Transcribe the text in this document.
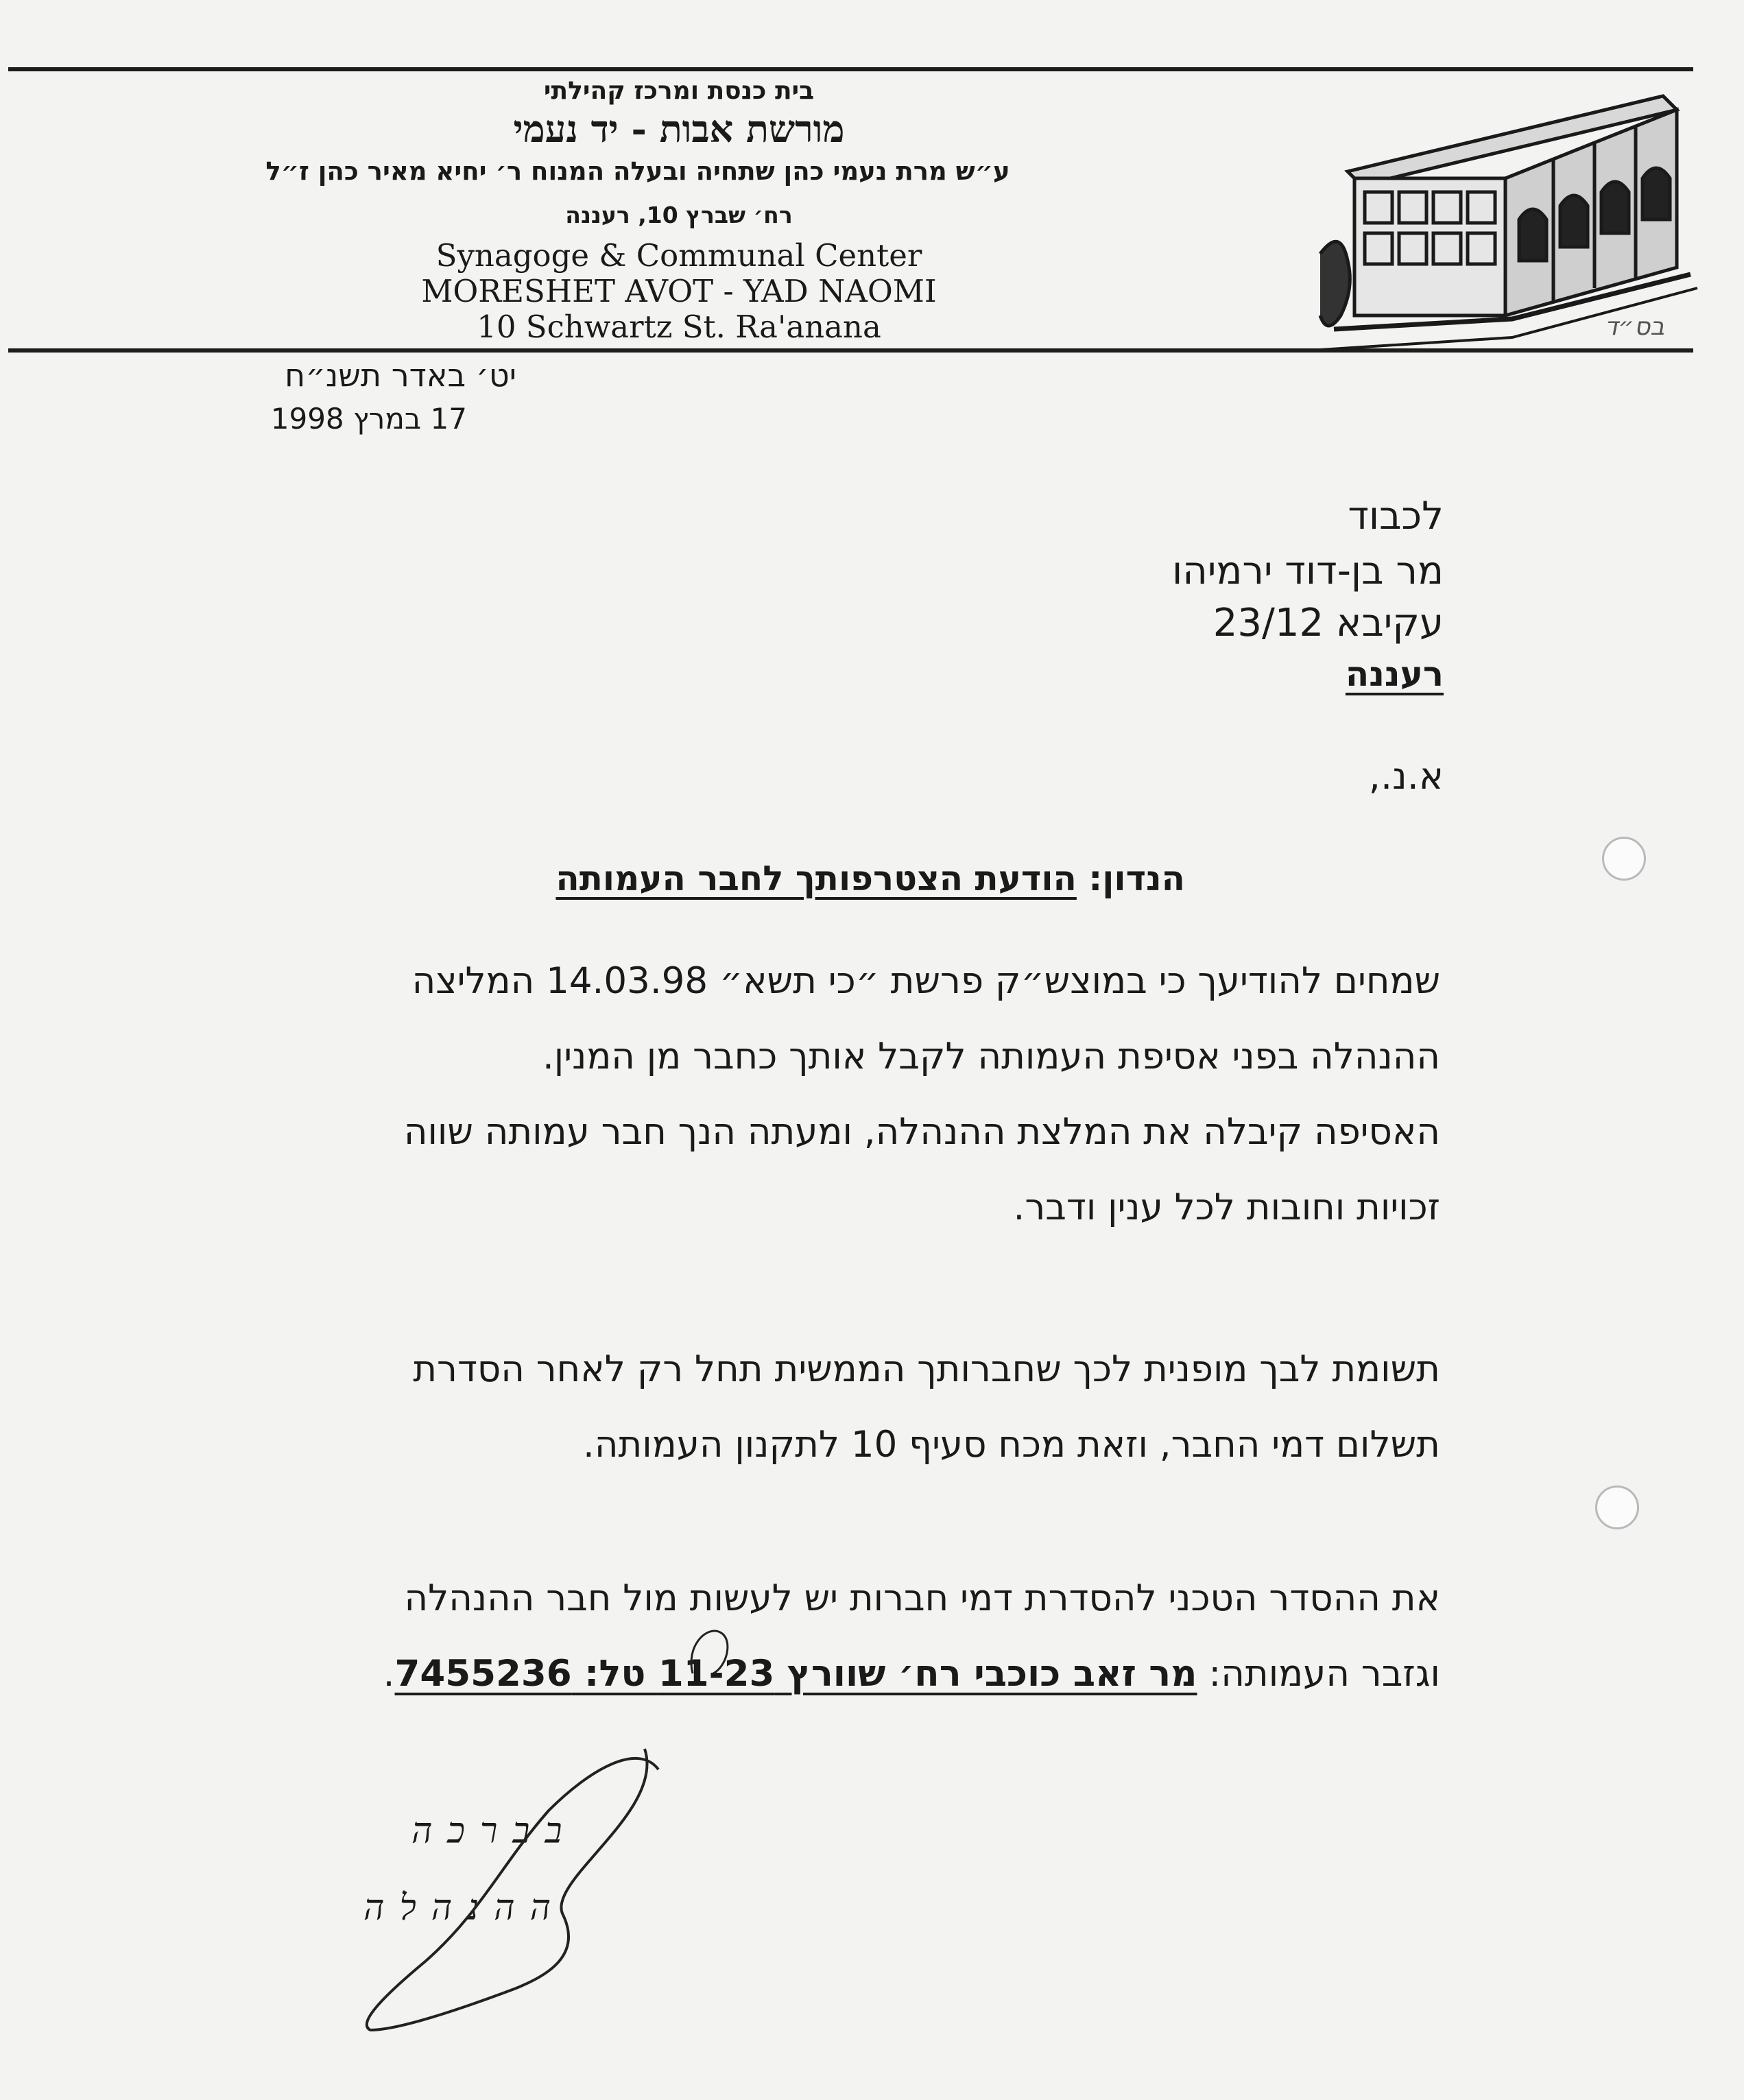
בית כנסת ומרכז קהילתי
מורשת אבות - יד נעמי
ע״ש מרת נעמי כהן שתחיה ובעלה המנוח ר׳ יחיא מאיר כהן ז״ל
רח׳ שברץ 10, רעננה
Synagoge & Communal Center
MORESHET AVOT - YAD NAOMI
10 Schwartz St. Ra'anana	בס״ד
יט׳ באדר תשנ״ח
17 במרץ 1998
לכבוד
מר בן-דוד ירמיהו
עקיבא 23/12
רעננה
א.נ.,
הנדון: הודעת הצטרפותך לחבר העמותה
שמחים להודיעך כי במוצש״ק פרשת ״כי תשא״ 14.03.98 המליצה
ההנהלה בפני אסיפת העמותה לקבל אותך כחבר מן המנין.
האסיפה קיבלה את המלצת ההנהלה, ומעתה הנך חבר עמותה שווה
זכויות וחובות לכל ענין ודבר.
תשומת לבך מופנית לכך שחברותך הממשית תחל רק לאחר הסדרת
תשלום דמי החבר, וזאת מכח סעיף 10 לתקנון העמותה.
את ההסדר הטכני להסדרת דמי חברות יש לעשות מול חבר ההנהלה
וגזבר העמותה: מר זאב כוכבי רח׳ שוורץ 11-23 טל: 7455236.
בברכה
ההנהלה
